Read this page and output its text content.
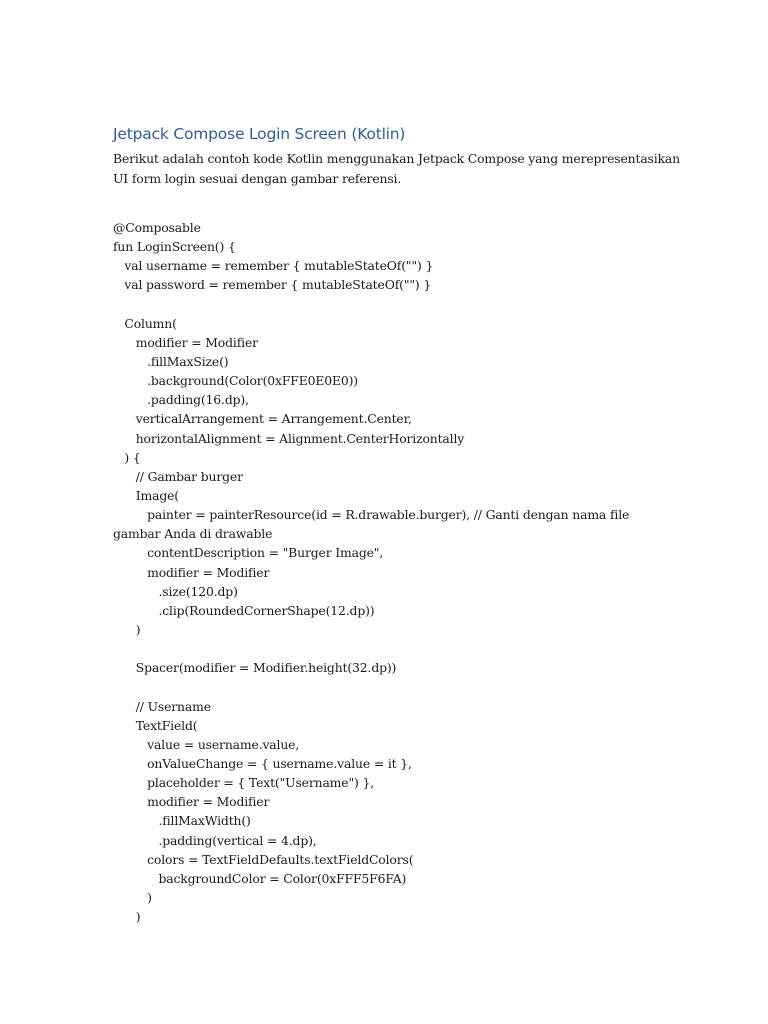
Jetpack Compose Login Screen (Kotlin)

Berikut adalah contoh kode Kotlin menggunakan Jetpack Compose yang merepresentasikan
UI form login sesuai dengan gambar referensi.

@Composable
fun LoginScreen() {
val username = remember { mutableStateOf("") }
val password = remember { mutableStateOf("") }
Column(
modifier = Modifier
.fillMaxSize()
.background(Color(0xFFE0E0E0))
.padding(16.dp),
verticalArrangement = Arrangement.Center,
horizontalAlignment = Alignment.CenterHorizontally
) {
// Gambar burger
Image(
painter = painterResource(id = R.drawable.burger), // Ganti dengan nama file
gambar Anda di drawable
contentDescription = "Burger Image",
modifier = Modifier
.size(120.dp)
.clip(RoundedCornerShape(12.dp))
)
Spacer(modifier = Modifier.height(32.dp))
// Username
TextField(
value = username.value,
onValueChange = { username.value = it },
placeholder = { Text("Username") },
modifier = Modifier
.fillMaxWidth()
.padding(vertical = 4.dp),
colors = TextFieldDefaults.textFieldColors(
backgroundColor = Color(0xFFF5F6FA)
)
)
